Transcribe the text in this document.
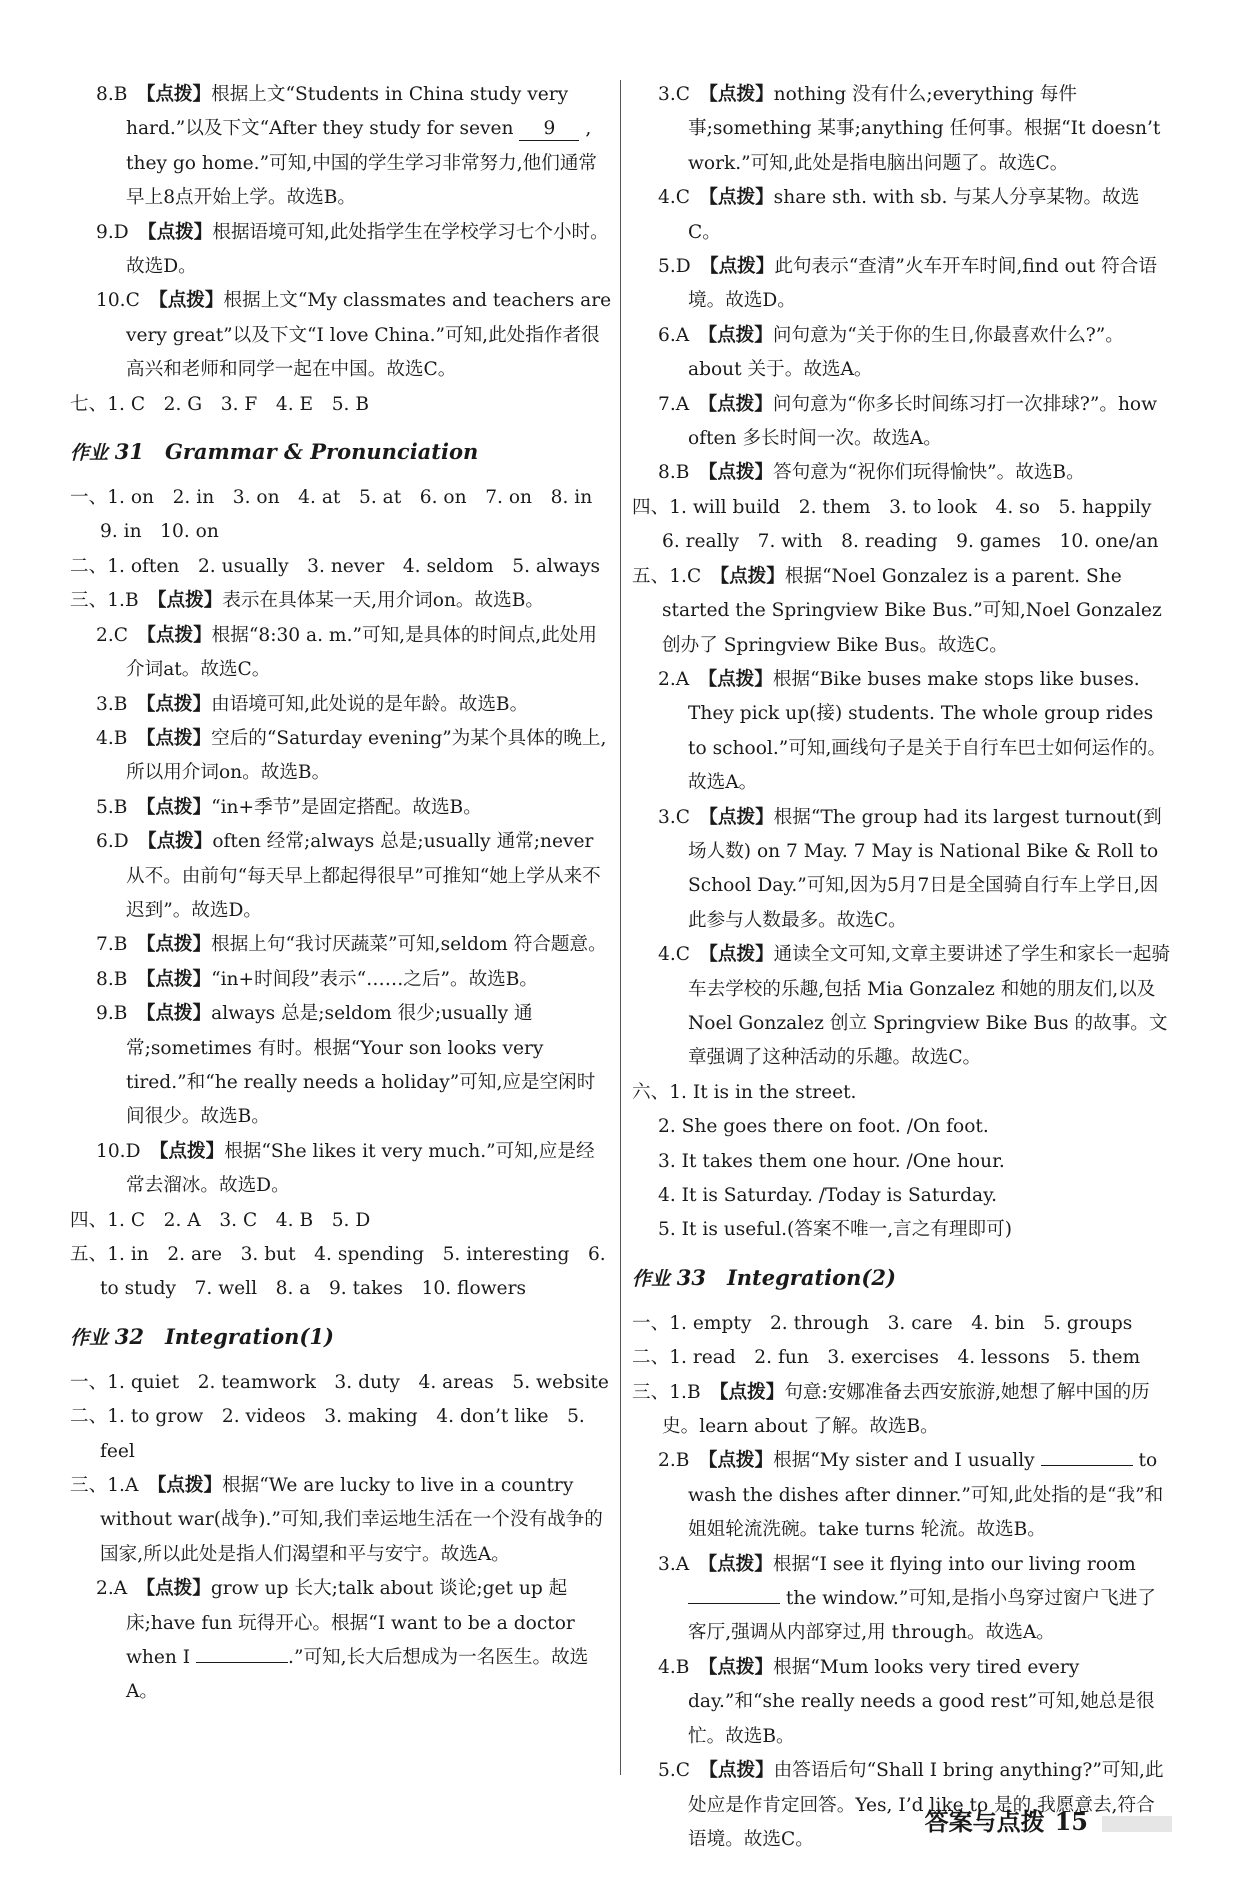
8.B　 【点拨】根据上文“Students in China study very hard.”以及下文“After they study for seven 9 , they go home.”可知,中国的学生学习非常努力,他们通常早上8点开始上学。故选B。

9.D　 【点拨】根据语境可知,此处指学生在学校学习七个小时。故选D。

10.C　 【点拨】根据上文“My classmates and teachers are very great”以及下文“I love China.”可知,此处指作者很高兴和老师和同学一起在中国。故选C。

七、1. C　2. G　3. F　4. E　5. B

作业 31　 Grammar & Pronunciation

一、1. on　2. in　3. on　4. at　5. at　6. on　7. on　8. in　9. in　10. on

二、1. often　2. usually　3. never　4. seldom　5. always

三、1.B　 【点拨】表示在具体某一天,用介词on。故选B。

2.C　 【点拨】根据“8:30 a. m.”可知,是具体的时间点,此处用介词at。故选C。

3.B　 【点拨】由语境可知,此处说的是年龄。故选B。

4.B　 【点拨】空后的“Saturday evening”为某个具体的晚上,所以用介词on。故选B。

5.B　 【点拨】“in+季节”是固定搭配。故选B。

6.D　 【点拨】often 经常;always 总是;usually 通常;never 从不。由前句“每天早上都起得很早”可推知“她上学从来不迟到”。故选D。

7.B　 【点拨】根据上句“我讨厌蔬菜”可知,seldom 符合题意。

8.B　 【点拨】“in+时间段”表示“……之后”。故选B。

9.B　 【点拨】always 总是;seldom 很少;usually 通常;sometimes 有时。根据“Your son looks very tired.”和“he really needs a holiday”可知,应是空闲时间很少。故选B。

10.D　 【点拨】根据“She likes it very much.”可知,应是经常去溜冰。故选D。

四、1. C　2. A　3. C　4. B　5. D

五、1. in　2. are　3. but　4. spending　5. interesting　6. to study　7. well　8. a　9. takes　10. flowers

作业 32　 Integration(1)

一、1. quiet　2. teamwork　3. duty　4. areas　5. website

二、1. to grow　2. videos　3. making　4. don’t like　5. feel

三、1.A　 【点拨】根据“We are lucky to live in a country without war(战争).”可知,我们幸运地生活在一个没有战争的国家,所以此处是指人们渴望和平与安宁。故选A。

2.A　 【点拨】grow up 长大;talk about 谈论;get up 起床;have fun 玩得开心。根据“I want to be a doctor when I	.”可知,长大后想成为一名医生。故选A。

3.C　 【点拨】nothing 没有什么;everything 每件事;something 某事;anything 任何事。根据“It doesn’t work.”可知,此处是指电脑出问题了。故选C。

4.C　 【点拨】share sth. with sb. 与某人分享某物。故选C。

5.D　 【点拨】此句表示“查清”火车开车时间,find out 符合语境。故选D。

6.A　 【点拨】问句意为“关于你的生日,你最喜欢什么?”。about 关于。故选A。

7.A　 【点拨】问句意为“你多长时间练习打一次排球?”。how often 多长时间一次。故选A。

8.B　 【点拨】答句意为“祝你们玩得愉快”。故选B。

四、1. will build　2. them　3. to look　4. so　5. happily　6. really　7. with　8. reading　9. games　10. one/an

五、1.C　 【点拨】根据“Noel Gonzalez is a parent. She started the Springview Bike Bus.”可知,Noel Gonzalez 创办了 Springview Bike Bus。故选C。

2.A　 【点拨】根据“Bike buses make stops like buses. They pick up(接) students. The whole group rides to school.”可知,画线句子是关于自行车巴士如何运作的。故选A。

3.C　 【点拨】根据“The group had its largest turnout(到场人数) on 7 May. 7 May is National Bike & Roll to School Day.”可知,因为5月7日是全国骑自行车上学日,因此参与人数最多。故选C。

4.C　 【点拨】通读全文可知,文章主要讲述了学生和家长一起骑车去学校的乐趣,包括 Mia Gonzalez 和她的朋友们,以及 Noel Gonzalez 创立 Springview Bike Bus 的故事。文章强调了这种活动的乐趣。故选C。

六、1. It is in the street.

2. She goes there on foot. /On foot.

3. It takes them one hour. /One hour.

4. It is Saturday. /Today is Saturday.

5. It is useful.(答案不唯一,言之有理即可)

作业 33　 Integration(2)

一、1. empty　2. through　3. care　4. bin　5. groups

二、1. read　2. fun　3. exercises　4. lessons　5. them

三、1.B　 【点拨】句意:安娜准备去西安旅游,她想了解中国的历史。learn about 了解。故选B。

2.B　 【点拨】根据“My sister and I usually	to wash the dishes after dinner.”可知,此处指的是“我”和姐姐轮流洗碗。take turns 轮流。故选B。

3.A　 【点拨】根据“I see it flying into our living room  the window.”可知,是指小鸟穿过窗户飞进了客厅,强调从内部穿过,用 through。故选A。

4.B　 【点拨】根据“Mum looks very tired every day.”和“she really needs a good rest”可知,她总是很忙。故选B。

5.C　 【点拨】由答语后句“Shall I bring anything?”可知,此处应是作肯定回答。Yes, I’d like to 是的,我愿意去,符合语境。故选C。

答案与点拨 15
